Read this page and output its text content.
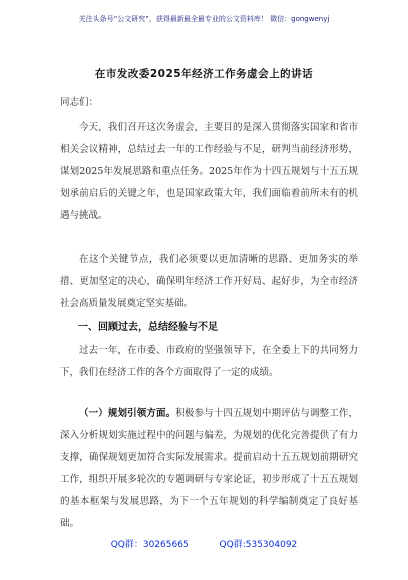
关注头条号“公文研究”，获得最新最全最专业的公文资料库！ 微信：gongwenyj
在市发改委2025年经济工作务虚会上的讲话
同志们：
今天，我们召开这次务虚会，主要目的是深入贯彻落实国家和省市相关会议精神，总结过去一年的工作经验与不足，研判当前经济形势，谋划2025年发展思路和重点任务。2025年作为十四五规划与十五五规划承前启后的关键之年，也是国家政策大年，我们面临着前所未有的机遇与挑战。
在这个关键节点，我们必须要以更加清晰的思路、更加务实的举措、更加坚定的决心，确保明年经济工作开好局、起好步，为全市经济社会高质量发展奠定坚实基础。
一、回顾过去，总结经验与不足
过去一年，在市委、市政府的坚强领导下，在全委上下的共同努力下，我们在经济工作的各个方面取得了一定的成绩。
（一）规划引领方面。积极参与十四五规划中期评估与调整工作，深入分析规划实施过程中的问题与偏差，为规划的优化完善提供了有力支撑，确保规划更加符合实际发展需求。提前启动十五五规划前期研究工作，组织开展多轮次的专题调研与专家论证，初步形成了十五五规划的基本框架与发展思路，为下一个五年规划的科学编制奠定了良好基础。
QQ群：30265665	QQ群:535304092
